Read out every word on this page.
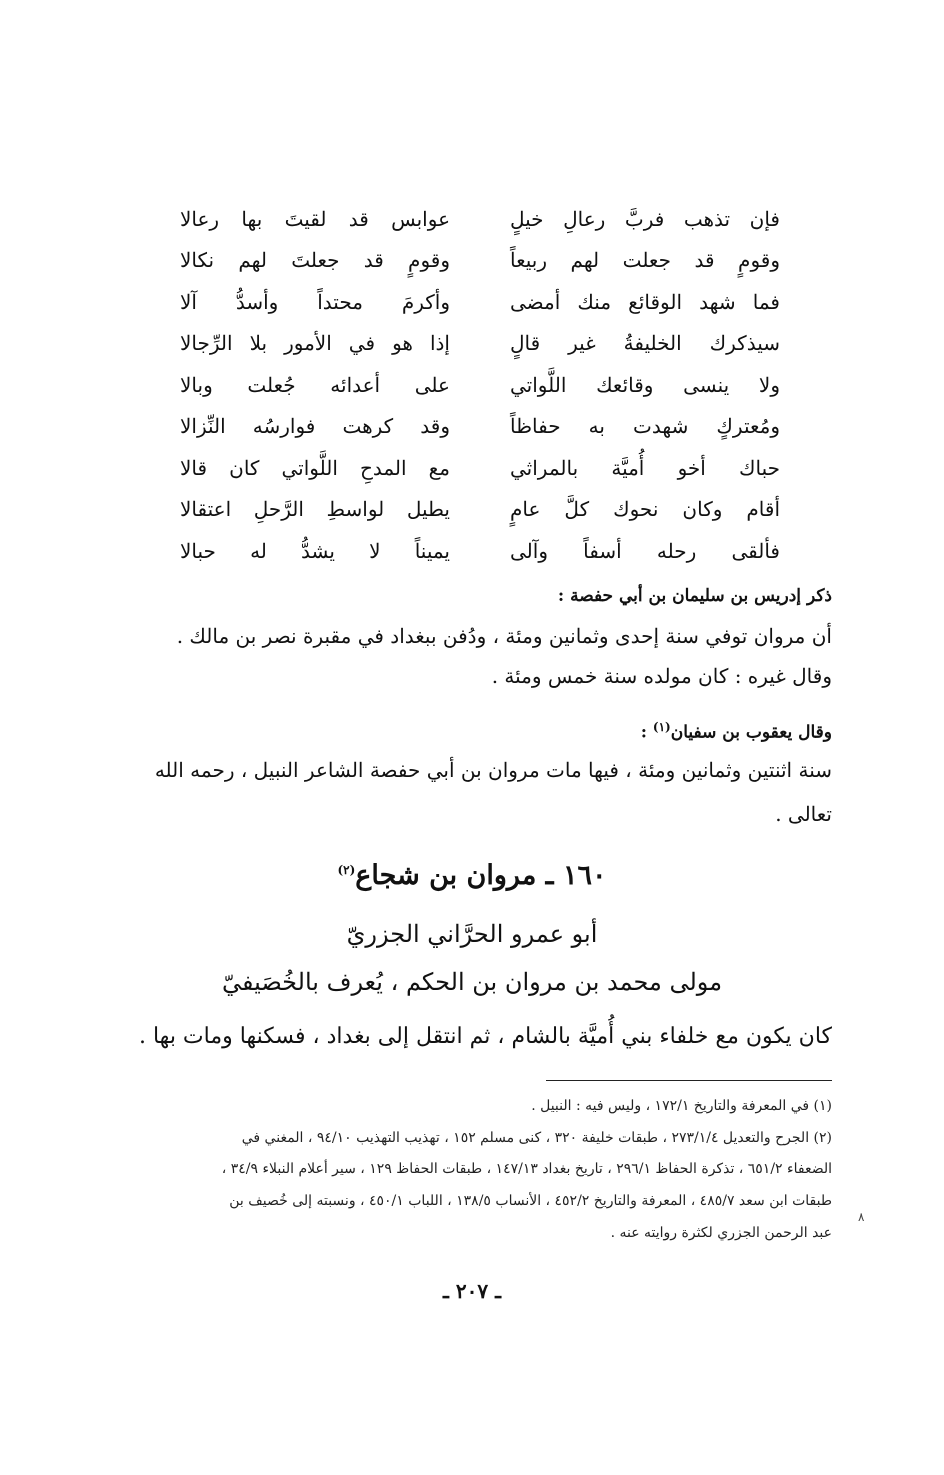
فإن تذهب فربَّ رعالِ خيلٍ
عوابس قد لقيتَ بها رعالا
وقومٍ قد جعلت لهم ربيعاً
وقومٍ قد جعلتَ لهم نكالا
فما شهد الوقائع منك أمضى
وأكرمَ محتداً وأسدُّ آلا
سيذكرك الخليفةُ غير قالٍ
إذا هو في الأمور بلا الرِّجالا
ولا ينسى وقائعك اللَّواتي
على أعدائه جُعلت وبالا
ومُعتركٍ شهدت به حفاظاً
وقد كرهت فوارسُه النِّزالا
حباك أخو أُميَّة بالمراثي
مع المدحِ اللَّواتي كان قالا
أقام وكان نحوك كلَّ عامٍ
يطيل لواسطِ الرَّحلِ اعتقالا
فألقى رحله أسفاً وآلى
يميناً لا يشدُّ له حبالا
ذكر إدريس بن سليمان بن أبي حفصة :
أن مروان توفي سنة إحدى وثمانين ومئة ، ودُفن ببغداد في مقبرة نصر بن مالك .
وقال غيره : كان مولده سنة خمس ومئة .
وقال يعقوب بن سفيان$^{(١)}$ :
سنة اثنتين وثمانين ومئة ، فيها مات مروان بن أبي حفصة الشاعر النبيل ، رحمه الله
تعالى .
١٦٠ ـ مروان بن شجاع$^{(٢)}$
أبو عمرو الحرَّاني الجزريّ
مولى محمد بن مروان بن الحكم ، يُعرف بالخُصَيفيّ
كان يكون مع خلفاء بني أُميَّة بالشام ، ثم انتقل إلى بغداد ، فسكنها ومات بها .
(١) في المعرفة والتاريخ ١٧٢/١ ، وليس فيه : النبيل .
(٢) الجرح والتعديل ٢٧٣/١/٤ ، طبقات خليفة ٣٢٠ ، كنى مسلم ١٥٢ ، تهذيب التهذيب ٩٤/١٠ ، المغني في
الضعفاء ٦٥١/٢ ، تذكرة الحفاظ ٢٩٦/١ ، تاريخ بغداد ١٤٧/١٣ ، طبقات الحفاظ ١٢٩ ، سير أعلام النبلاء ٣٤/٩ ،
طبقات ابن سعد ٤٨٥/٧ ، المعرفة والتاريخ ٤٥٢/٢ ، الأنساب ١٣٨/٥ ، اللباب ٤٥٠/١ ، ونسبته إلى خُصيف بن
عبد الرحمن الجزري لكثرة روايته عنه .
٨
ـ ٢٠٧ ـ
